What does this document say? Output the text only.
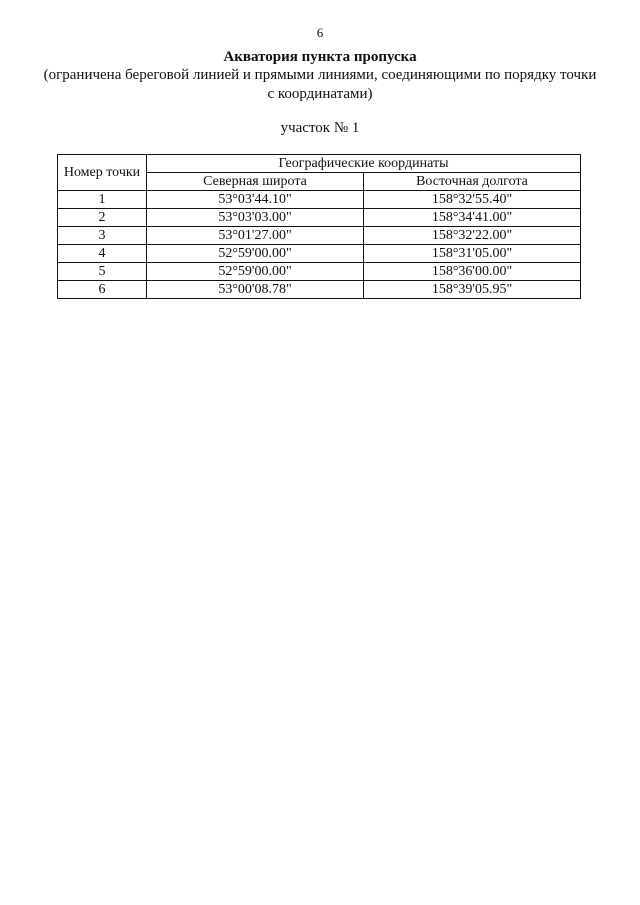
6
Акватория пункта пропуска
(ограничена береговой линией и прямыми линиями, соединяющими по порядку точки с координатами)
участок № 1
Номер точки	Географические координаты	
	Северная широта	Восточная долгота
1	53°03'44.10"	158°32'55.40"
2	53°03'03.00"	158°34'41.00"
3	53°01'27.00"	158°32'22.00"
4	52°59'00.00"	158°31'05.00"
5	52°59'00.00"	158°36'00.00"
6	53°00'08.78"	158°39'05.95"
